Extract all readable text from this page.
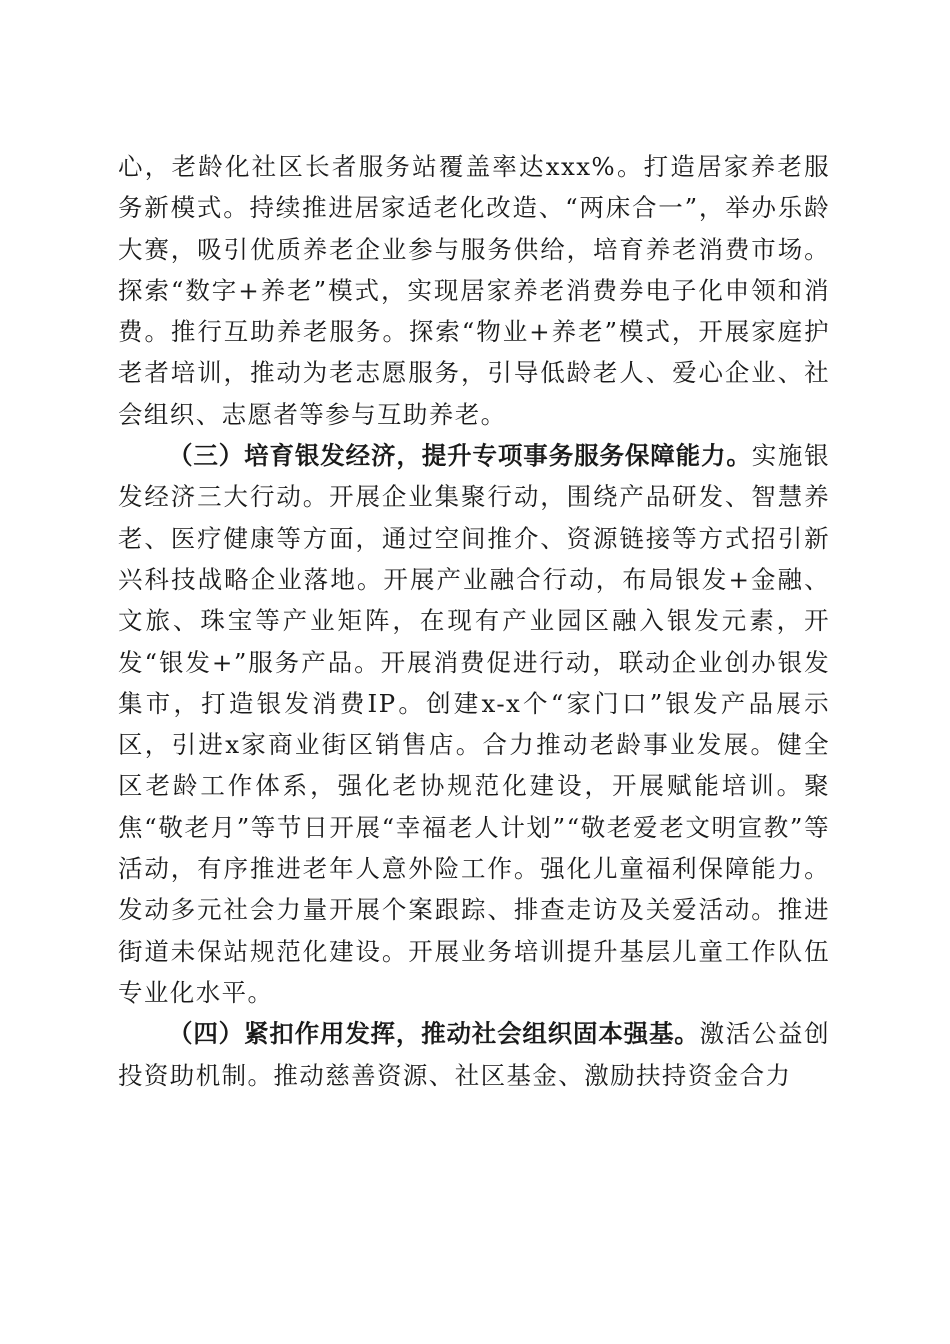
心，老龄化社区长者服务站覆盖率达xxx%。打造居家养老服务新模式。持续推进居家适老化改造、“两床合一”，举办乐龄大赛，吸引优质养老企业参与服务供给，培育养老消费市场。探索“数字+养老”模式，实现居家养老消费券电子化申领和消费。推行互助养老服务。探索“物业+养老”模式，开展家庭护老者培训，推动为老志愿服务，引导低龄老人、爱心企业、社会组织、志愿者等参与互助养老。

（三）培育银发经济，提升专项事务服务保障能力。实施银发经济三大行动。开展企业集聚行动，围绕产品研发、智慧养老、医疗健康等方面，通过空间推介、资源链接等方式招引新兴科技战略企业落地。开展产业融合行动，布局银发+金融、文旅、珠宝等产业矩阵，在现有产业园区融入银发元素，开发“银发+”服务产品。开展消费促进行动，联动企业创办银发集市，打造银发消费IP。创建x-x个“家门口”银发产品展示区，引进x家商业街区销售店。合力推动老龄事业发展。健全区老龄工作体系，强化老协规范化建设，开展赋能培训。聚焦“敬老月”等节日开展“幸福老人计划”“敬老爱老文明宣教”等活动，有序推进老年人意外险工作。强化儿童福利保障能力。发动多元社会力量开展个案跟踪、排查走访及关爱活动。推进街道未保站规范化建设。开展业务培训提升基层儿童工作队伍专业化水平。

（四）紧扣作用发挥，推动社会组织固本强基。激活公益创投资助机制。推动慈善资源、社区基金、激励扶持资金合力
